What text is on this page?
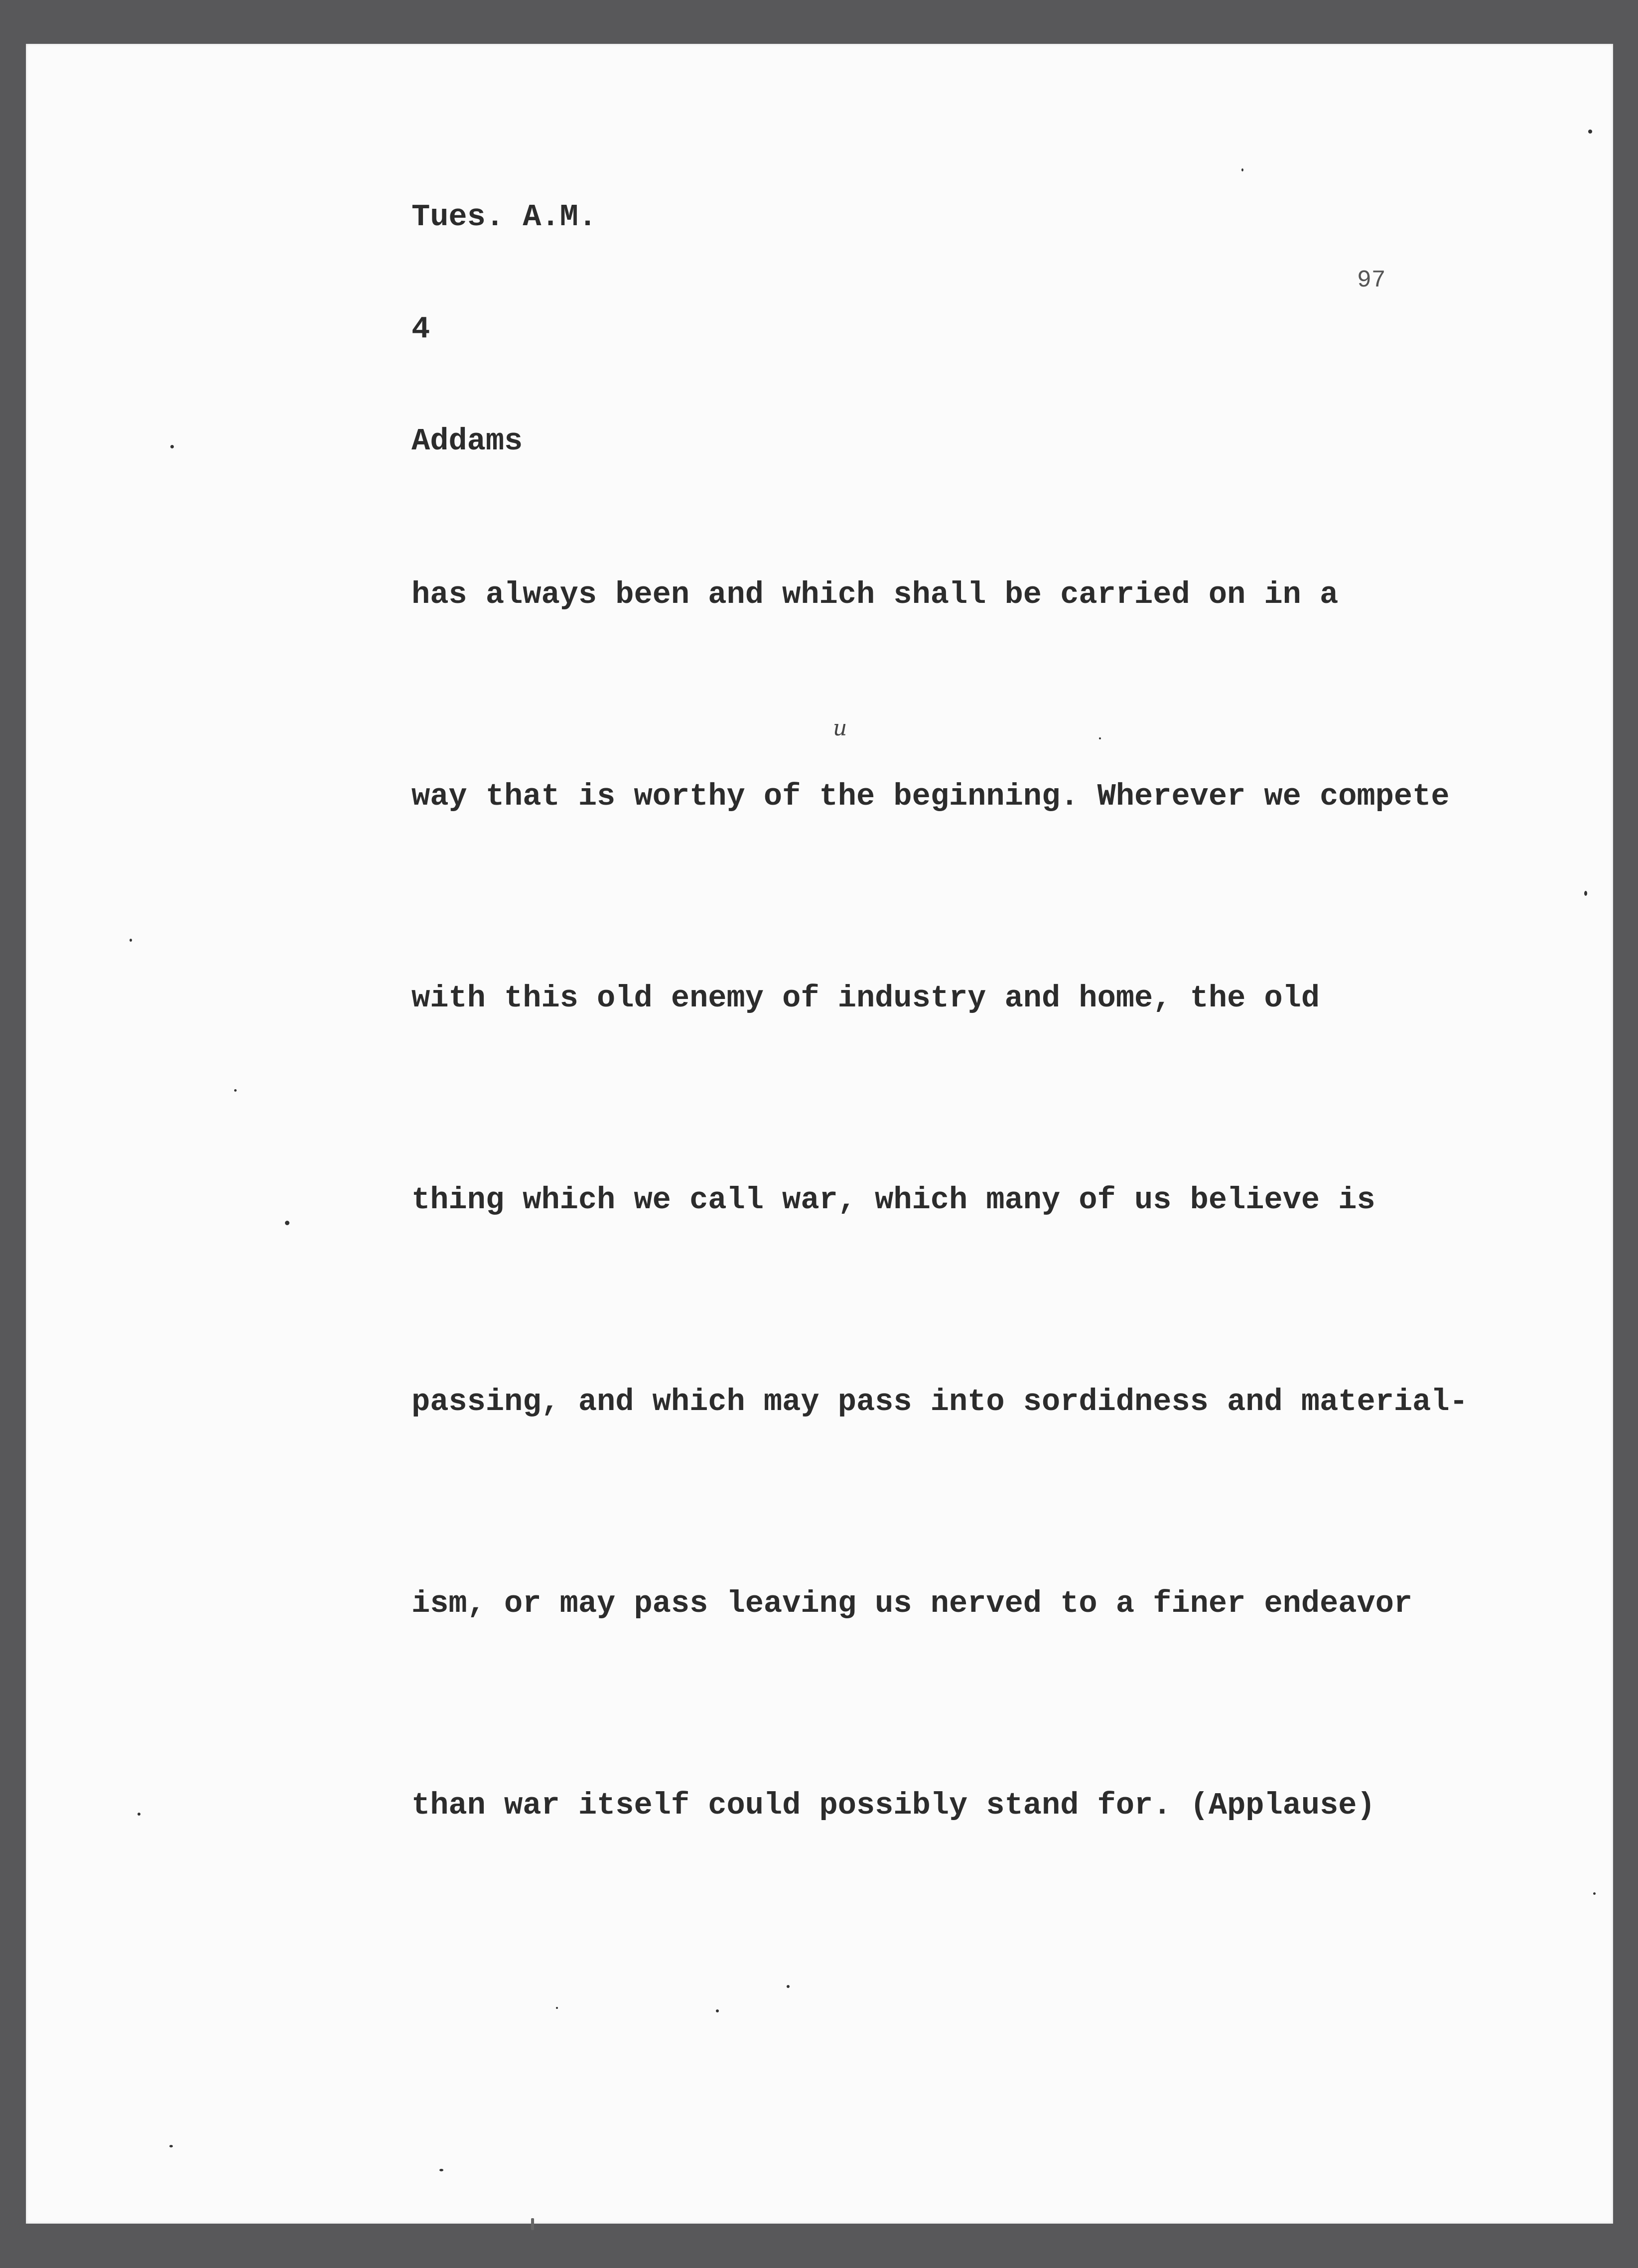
Tues. A.M.

4

Addams

97

has always been and which shall be carried on in a

way that is worthy of the beginning. Wherever we compete

with this old enemy of industry and home, the old

thing which we call war, which many of us believe is

passing, and which may pass into sordidness and material-

ism, or may pass leaving us nerved to a finer endeavor

than war itself could possibly stand for. (Applause)

u
